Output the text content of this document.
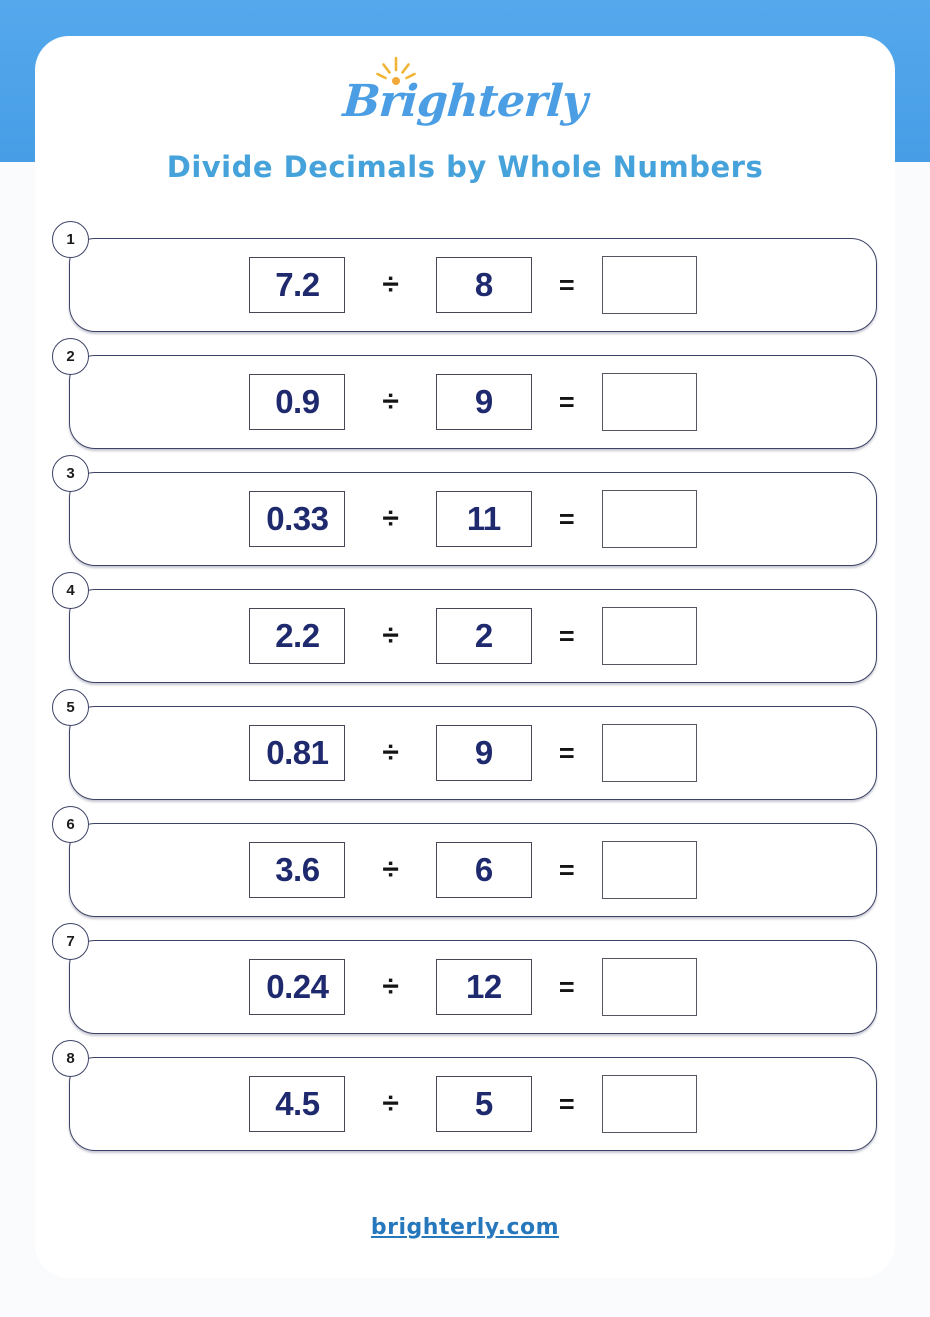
Brighterly
Divide Decimals by Whole Numbers
1
7.2 ÷ 8 =
2
0.9 ÷ 9 =
3
0.33 ÷ 11 =
4
2.2 ÷ 2 =
5
0.81 ÷ 9 =
6
3.6 ÷ 6 =
7
0.24 ÷ 12 =
8
4.5 ÷ 5 =
brighterly.com
